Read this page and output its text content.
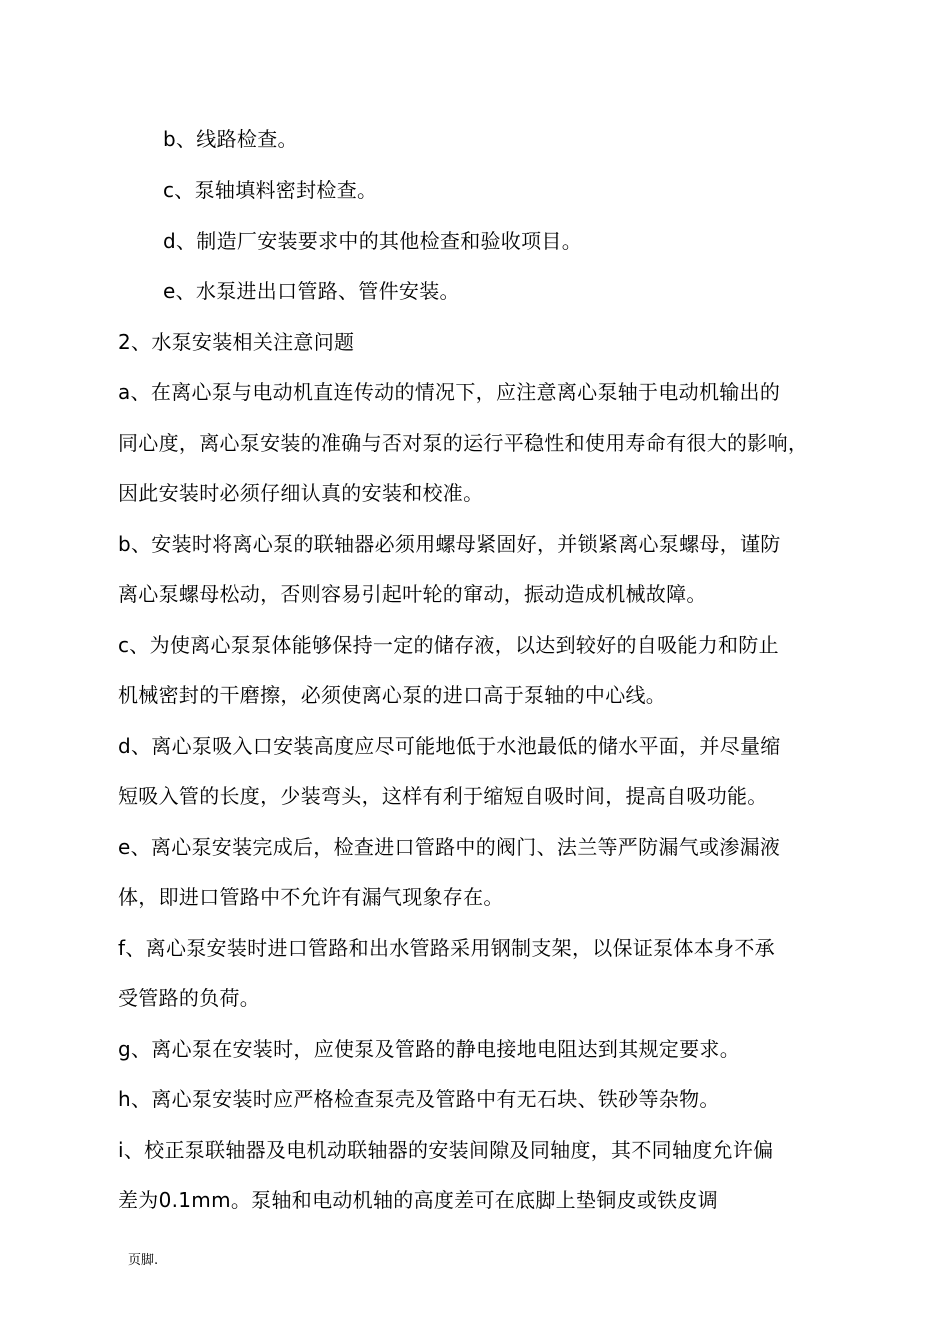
b、线路检查。
c、泵轴填料密封检查。
d、制造厂安装要求中的其他检查和验收项目。
e、水泵进出口管路、管件安装。
2、水泵安装相关注意问题
a、在离心泵与电动机直连传动的情况下，应注意离心泵轴于电动机输出的
同心度，离心泵安装的准确与否对泵的运行平稳性和使用寿命有很大的影响，
因此安装时必须仔细认真的安装和校准。
b、安装时将离心泵的联轴器必须用螺母紧固好，并锁紧离心泵螺母，谨防
离心泵螺母松动，否则容易引起叶轮的窜动，振动造成机械故障。
c、为使离心泵泵体能够保持一定的储存液，以达到较好的自吸能力和防止
机械密封的干磨擦，必须使离心泵的进口高于泵轴的中心线。
d、离心泵吸入口安装高度应尽可能地低于水池最低的储水平面，并尽量缩
短吸入管的长度，少装弯头，这样有利于缩短自吸时间，提高自吸功能。
e、离心泵安装完成后，检查进口管路中的阀门、法兰等严防漏气或渗漏液
体，即进口管路中不允许有漏气现象存在。
f、离心泵安装时进口管路和出水管路采用钢制支架，以保证泵体本身不承
受管路的负荷。
g、离心泵在安装时，应使泵及管路的静电接地电阻达到其规定要求。
h、离心泵安装时应严格检查泵壳及管路中有无石块、铁砂等杂物。
i、校正泵联轴器及电机动联轴器的安装间隙及同轴度，其不同轴度允许偏
差为0.1mm。泵轴和电动机轴的高度差可在底脚上垫铜皮或铁皮调
页脚.
